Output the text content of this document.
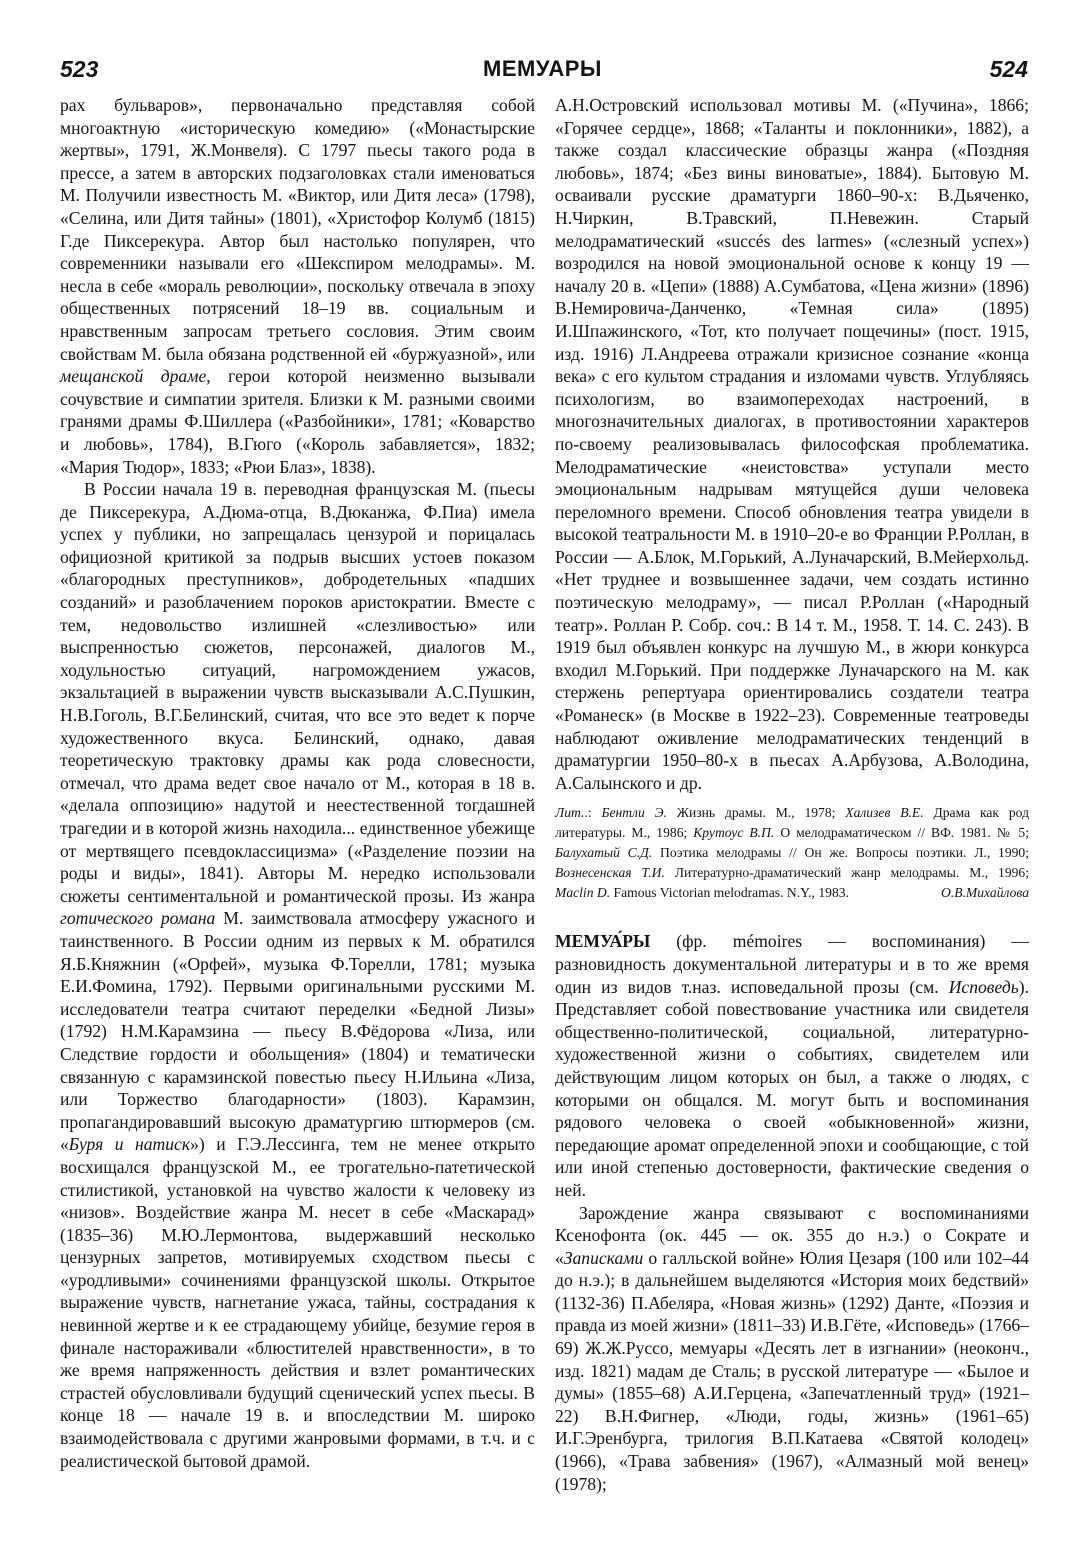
523	МЕМУАРЫ	524

рах бульваров», первоначально представляя собой многоактную «историческую комедию» («Монастырские жертвы», 1791, Ж.Монвеля). С 1797 пьесы такого рода в прессе, а затем в авторских подзаголовках стали именоваться М. Получили известность М. «Виктор, или Дитя леса» (1798), «Селина, или Дитя тайны» (1801), «Христофор Колумб (1815) Г.де Пиксерекура. Автор был настолько популярен, что современники называли его «Шекспиром мелодрамы». М. несла в себе «мораль революции», поскольку отвечала в эпоху общественных потрясений 18–19 вв. социальным и нравственным запросам третьего сословия. Этим своим свойствам М. была обязана родственной ей «буржуазной», или мещанской драме, герои которой неизменно вызывали сочувствие и симпатии зрителя. Близки к М. разными своими гранями драмы Ф.Шиллера («Разбойники», 1781; «Коварство и любовь», 1784), В.Гюго («Король забавляется», 1832; «Мария Тюдор», 1833; «Рюи Блаз», 1838).

В России начала 19 в. переводная французская М. (пьесы де Пиксерекура, А.Дюма-отца, В.Дюканжа, Ф.Пиа) имела успех у публики, но запрещалась цензурой и порицалась официозной критикой за подрыв высших устоев показом «благородных преступников», добродетельных «падших созданий» и разоблачением пороков аристократии. Вместе с тем, недовольство излишней «слезливостью» или выспренностью сюжетов, персонажей, диалогов М., ходульностью ситуаций, нагромождением ужасов, экзальтацией в выражении чувств высказывали А.С.Пушкин, Н.В.Гоголь, В.Г.Белинский, считая, что все это ведет к порче художественного вкуса. Белинский, однако, давая теоретическую трактовку драмы как рода словесности, отмечал, что драма ведет свое начало от М., которая в 18 в. «делала оппозицию» надутой и неестественной тогдашней трагедии и в которой жизнь находила... единственное убежище от мертвящего псевдоклассицизма» («Разделение поэзии на роды и виды», 1841). Авторы М. нередко использовали сюжеты сентиментальной и романтической прозы. Из жанра готического романа М. заимствовала атмосферу ужасного и таинственного. В России одним из первых к М. обратился Я.Б.Княжнин («Орфей», музыка Ф.Торелли, 1781; музыка Е.И.Фомина, 1792). Первыми оригинальными русскими М. исследователи театра считают переделки «Бедной Лизы» (1792) Н.М.Карамзина — пьесу В.Фёдорова «Лиза, или Следствие гордости и обольщения» (1804) и тематически связанную с карамзинской повестью пьесу Н.Ильина «Лиза, или Торжество благодарности» (1803). Карамзин, пропагандировавший высокую драматургию штюрмеров (см. «Буря и натиск») и Г.Э.Лессинга, тем не менее открыто восхищался французской М., ее трогательно-патетической стилистикой, установкой на чувство жалости к человеку из «низов». Воздействие жанра М. несет в себе «Маскарад» (1835–36) М.Ю.Лермонтова, выдержавший несколько цензурных запретов, мотивируемых сходством пьесы с «уродливыми» сочинениями французской школы. Открытое выражение чувств, нагнетание ужаса, тайны, сострадания к невинной жертве и к ее страдающему убийце, безумие героя в финале настораживали «блюстителей нравственности», в то же время напряженность действия и взлет романтических страстей обусловливали будущий сценический успех пьесы. В конце 18 — начале 19 в. и впоследствии М. широко взаимодействовала с другими жанровыми формами, в т.ч. и с реалистической бытовой драмой.

А.Н.Островский использовал мотивы М. («Пучина», 1866; «Горячее сердце», 1868; «Таланты и поклонники», 1882), а также создал классические образцы жанра («Поздняя любовь», 1874; «Без вины виноватые», 1884). Бытовую М. осваивали русские драматурги 1860–90-х: В.Дьяченко, Н.Чиркин, В.Травский, П.Невежин. Старый мелодраматический «succés des larmes» («слезный успех») возродился на новой эмоциональной основе к концу 19 — началу 20 в. «Цепи» (1888) А.Сумбатова, «Цена жизни» (1896) В.Немировича-Данченко, «Темная сила» (1895) И.Шпажинского, «Тот, кто получает пощечины» (пост. 1915, изд. 1916) Л.Андреева отражали кризисное сознание «конца века» с его культом страдания и изломами чувств. Углубляясь психологизм, во взаимопереходах настроений, в многозначительных диалогах, в противостоянии характеров по-своему реализовывалась философская проблематика. Мелодраматические «неистовства» уступали место эмоциональным надрывам мятущейся души человека переломного времени. Способ обновления театра увидели в высокой театральности М. в 1910–20-е во Франции Р.Роллан, в России — А.Блок, М.Горький, А.Луначарский, В.Мейерхольд. «Нет труднее и возвышеннее задачи, чем создать истинно поэтическую мелодраму», — писал Р.Роллан («Народный театр». Роллан Р. Собр. соч.: В 14 т. М., 1958. Т. 14. С. 243). В 1919 был объявлен конкурс на лучшую М., в жюри конкурса входил М.Горький. При поддержке Луначарского на М. как стержень репертуара ориентировались создатели театра «Романеск» (в Москве в 1922–23). Современные театроведы наблюдают оживление мелодраматических тенденций в драматургии 1950–80-х в пьесах А.Арбузова, А.Володина, А.Салынского и др.

Лит..: Бентли Э. Жизнь драмы. М., 1978; Хализев В.Е. Драма как род литературы. М., 1986; Крутоус В.П. О мелодраматическом // ВФ. 1981. № 5; Балухатый С.Д. Поэтика мелодрамы // Он же. Вопросы поэтики. Л., 1990; Вознесенская Т.И. Литературно-драматический жанр мелодрамы. М., 1996; Maclin D. Famous Victorian melodramas. N.Y., 1983.	О.В.Михайлова

МЕМУА́РЫ (фр. mémoires — воспоминания) — разновидность документальной литературы и в то же время один из видов т.наз. исповедальной прозы (см. Исповедь). Представляет собой повествование участника или свидетеля общественно-политической, социальной, литературно-художественной жизни о событиях, свидетелем или действующим лицом которых он был, а также о людях, с которыми он общался. М. могут быть и воспоминания рядового человека о своей «обыкновенной» жизни, передающие аромат определенной эпохи и сообщающие, с той или иной степенью достоверности, фактические сведения о ней.

Зарождение жанра связывают с воспоминаниями Ксенофонта (ок. 445 — ок. 355 до н.э.) о Сократе и «Записками о галльской войне» Юлия Цезаря (100 или 102–44 до н.э.); в дальнейшем выделяются «История моих бедствий» (1132-36) П.Абеляра, «Новая жизнь» (1292) Данте, «Поэзия и правда из моей жизни» (1811–33) И.В.Гёте, «Исповедь» (1766–69) Ж.Ж.Руссо, мемуары «Десять лет в изгнании» (неоконч., изд. 1821) мадам де Сталь; в русской литературе — «Былое и думы» (1855–68) А.И.Герцена, «Запечатленный труд» (1921–22) В.Н.Фигнер, «Люди, годы, жизнь» (1961–65) И.Г.Эренбурга, трилогия В.П.Катаева «Святой колодец» (1966), «Трава забвения» (1967), «Алмазный мой венец» (1978);
